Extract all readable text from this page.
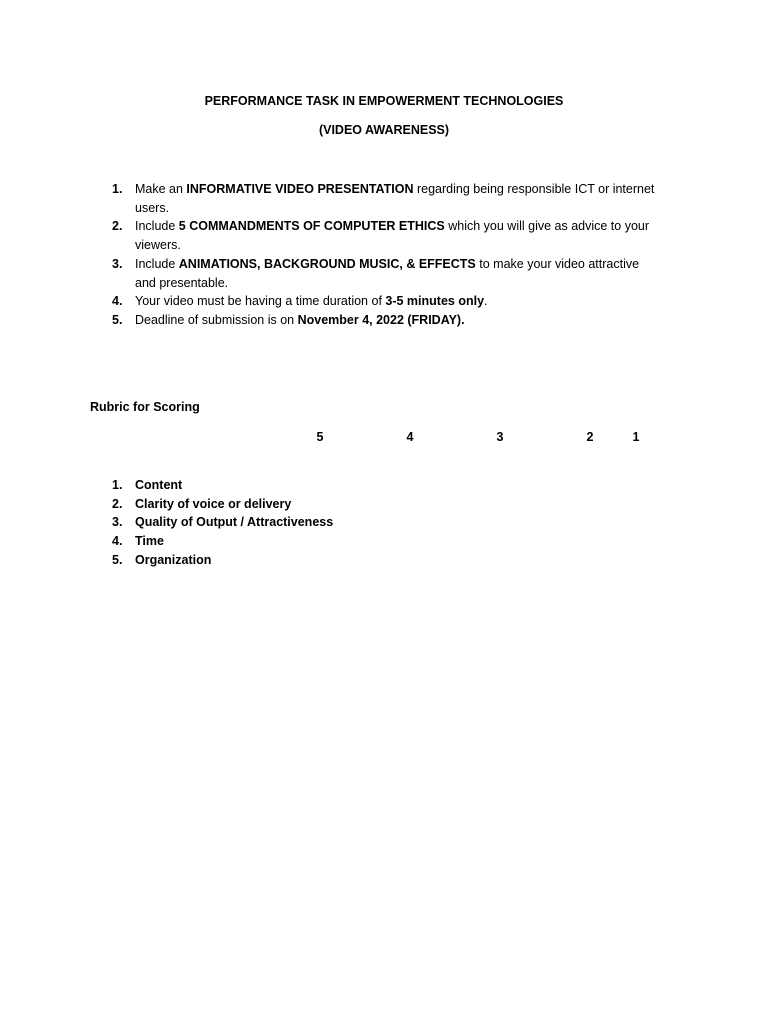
PERFORMANCE TASK IN EMPOWERMENT TECHNOLOGIES
(VIDEO AWARENESS)
1. Make an INFORMATIVE VIDEO PRESENTATION regarding being responsible ICT or internet users.
2. Include 5 COMMANDMENTS OF COMPUTER ETHICS which you will give as advice to your viewers.
3. Include ANIMATIONS, BACKGROUND MUSIC, & EFFECTS to make your video attractive and presentable.
4. Your video must be having a time duration of 3-5 minutes only.
5. Deadline of submission is on November 4, 2022 (FRIDAY).
Rubric for Scoring
5	4	3	2	1
1. Content
2. Clarity of voice or delivery
3. Quality of Output / Attractiveness
4. Time
5. Organization
